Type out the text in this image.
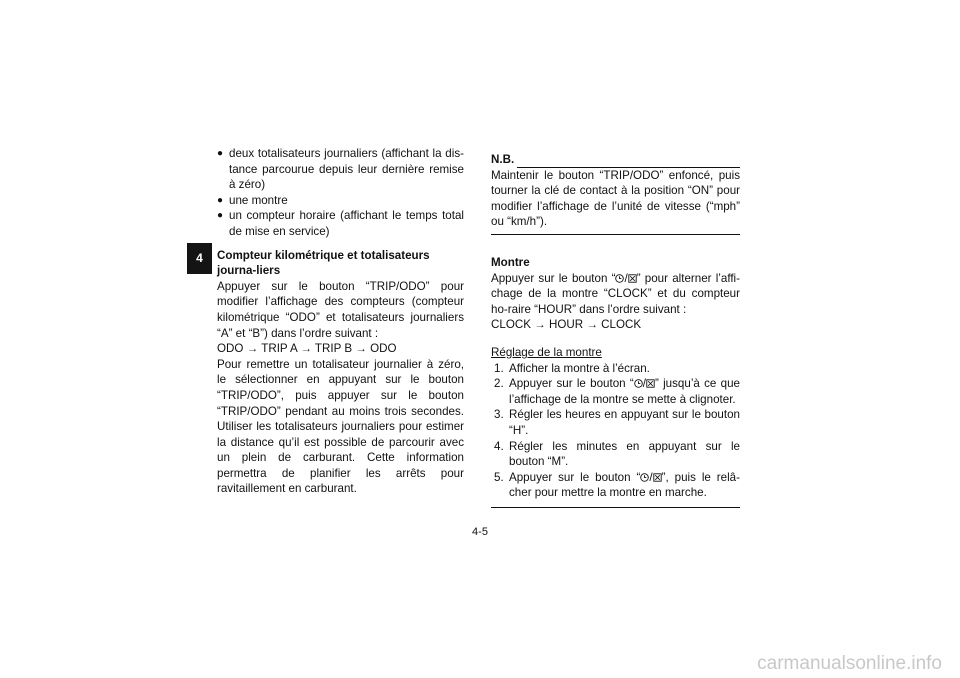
4
● deux totalisateurs journaliers (affichant la dis-tance parcourue depuis leur dernière remise à zéro)
● une montre
● un compteur horaire (affichant le temps total de mise en service)
Compteur kilométrique et totalisateurs journa-liers

Appuyer sur le bouton “TRIP/ODO” pour modifier l’affichage des compteurs (compteur kilométrique “ODO” et totalisateurs journaliers “A” et “B”) dans l’ordre suivant :

ODO → TRIP A → TRIP B → ODO

Pour remettre un totalisateur journalier à zéro, le sélectionner en appuyant sur le bouton “TRIP/ODO”, puis appuyer sur le bouton “TRIP/ODO” pendant au moins trois secondes. Utiliser les totalisateurs journaliers pour estimer la distance qu’il est possible de parcourir avec un plein de carburant. Cette information permettra de planifier les arrêts pour ravitaillement en carburant.

N.B.

Maintenir le bouton “TRIP/ODO” enfoncé, puis tourner la clé de contact à la position “ON” pour modifier l’affichage de l’unité de vitesse (“mph” ou “km/h”).

Montre

Appuyer sur le bouton “ / ” pour alterner l’affi-chage de la montre “CLOCK” et du compteur ho-raire “HOUR” dans l’ordre suivant :

CLOCK → HOUR → CLOCK

Réglage de la montre
1. Afficher la montre à l’écran.
2. Appuyer sur le bouton “ / ” jusqu’à ce que l’affichage de la montre se mette à clignoter.
3. Régler les heures en appuyant sur le bouton “H”.
4. Régler les minutes en appuyant sur le bouton “M”.
5. Appuyer sur le bouton “ / ”, puis le relâ-cher pour mettre la montre en marche.
4-5
carmanualsonline.info
